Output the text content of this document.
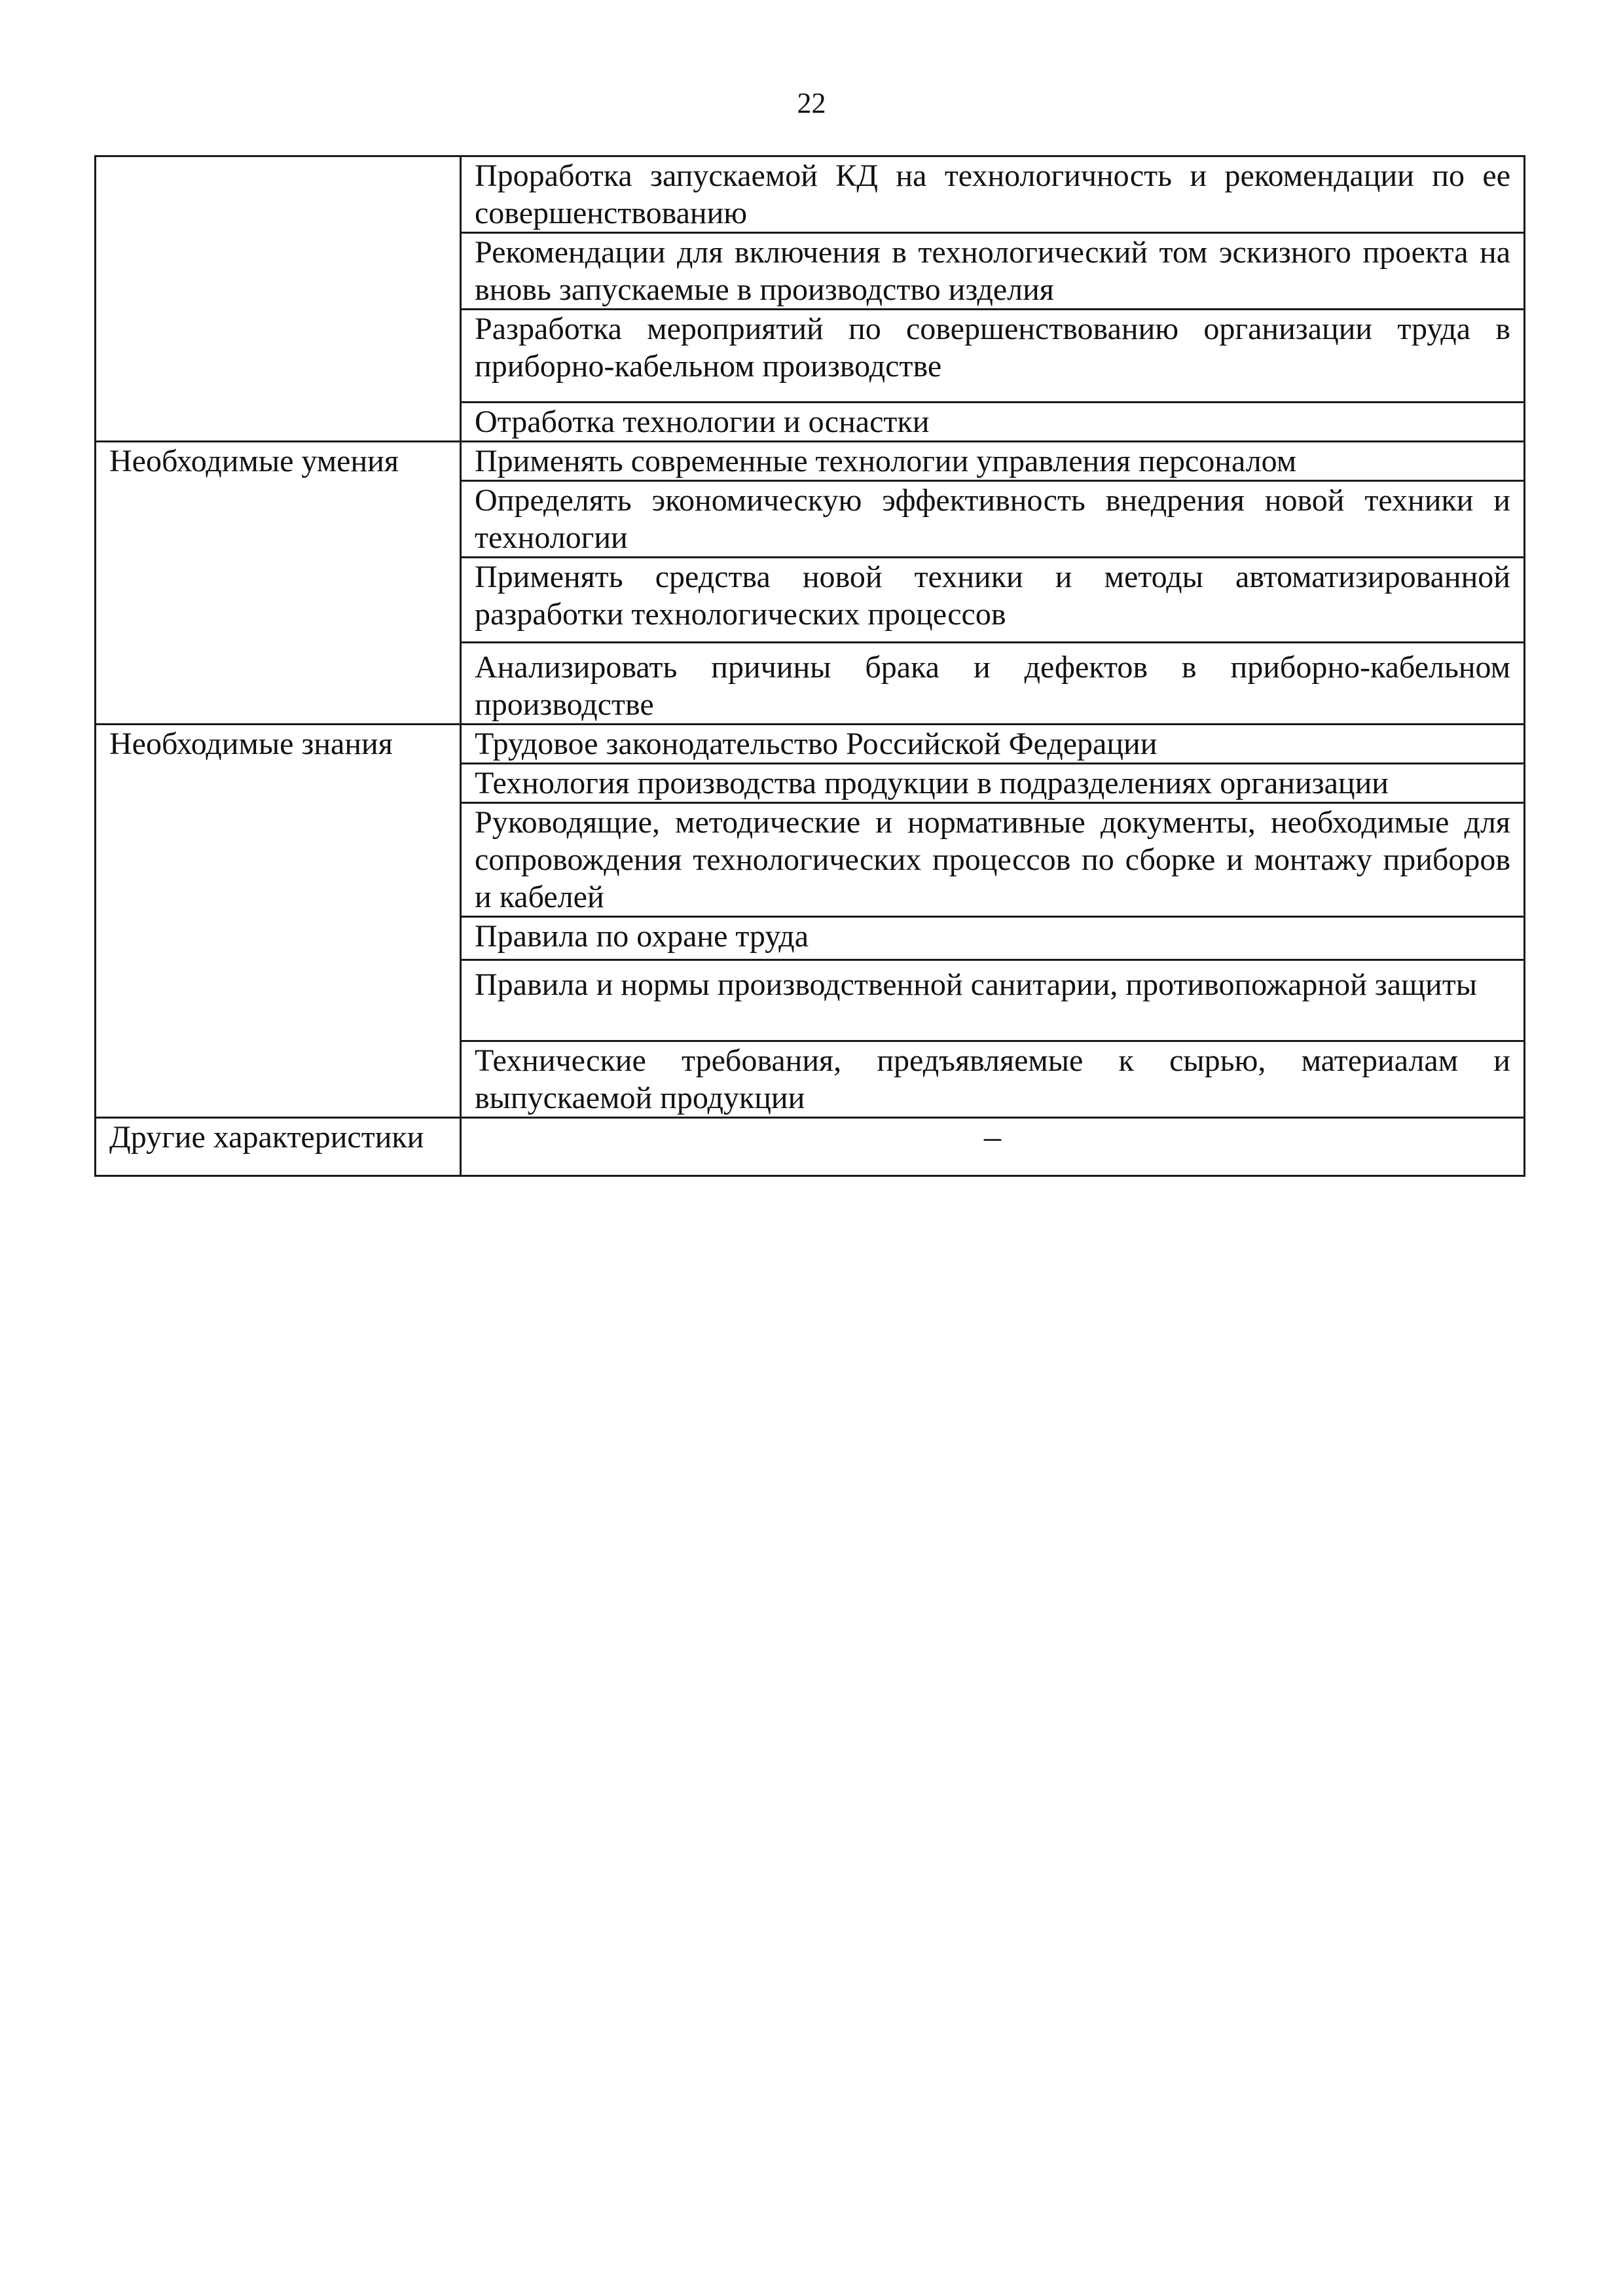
22
	Проработка запускаемой КД на технологичность и рекомендации по ее совершенствованию
	Рекомендации для включения в технологический том эскизного проекта на вновь запускаемые в производство изделия
	Разработка мероприятий по совершенствованию организации труда в приборно-кабельном производстве
	Отработка технологии и оснастки
Необходимые умения	Применять современные технологии управления персоналом
	Определять экономическую эффективность внедрения новой техники и технологии
	Применять средства новой техники и методы автоматизированной разработки технологических процессов
	Анализировать причины брака и дефектов в приборно-кабельном производстве
Необходимые знания	Трудовое законодательство Российской Федерации
	Технология производства продукции в подразделениях организации
	Руководящие, методические и нормативные документы, необходимые для сопровождения технологических процессов по сборке и монтажу приборов и кабелей
	Правила по охране труда
	Правила и нормы производственной санитарии, противопожарной защиты
	Технические требования, предъявляемые к сырью, материалам и выпускаемой продукции
Другие характеристики	–
